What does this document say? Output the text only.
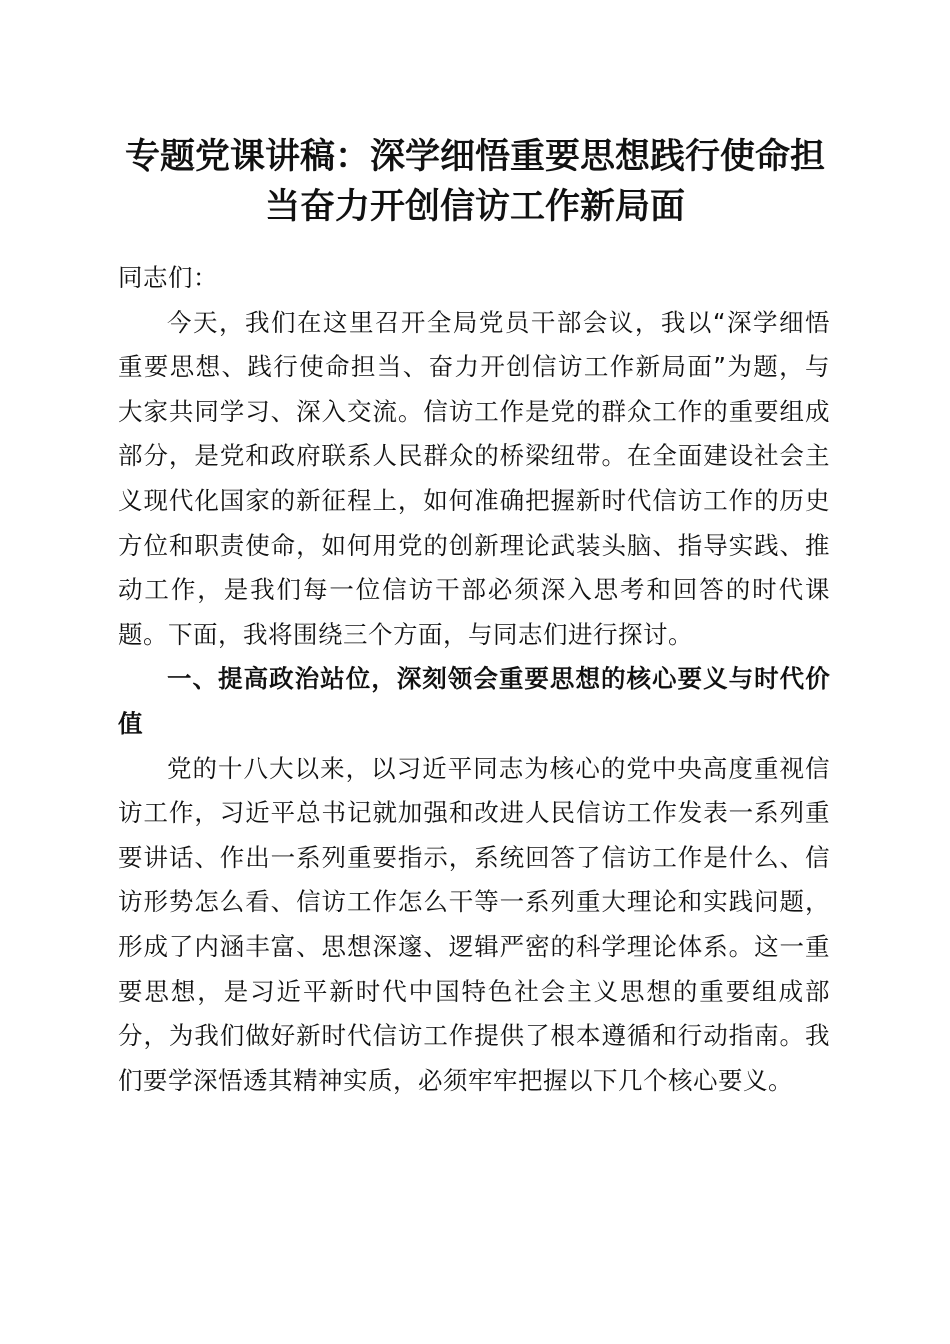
专题党课讲稿：深学细悟重要思想践行使命担
当奋力开创信访工作新局面

同志们：

今天，我们在这里召开全局党员干部会议，我以“深学细悟重要思想、践行使命担当、奋力开创信访工作新局面”为题，与大家共同学习、深入交流。信访工作是党的群众工作的重要组成部分，是党和政府联系人民群众的桥梁纽带。在全面建设社会主义现代化国家的新征程上，如何准确把握新时代信访工作的历史方位和职责使命，如何用党的创新理论武装头脑、指导实践、推动工作，是我们每一位信访干部必须深入思考和回答的时代课题。下面，我将围绕三个方面，与同志们进行探讨。

一、提高政治站位，深刻领会重要思想的核心要义与时代价值

党的十八大以来，以习近平同志为核心的党中央高度重视信访工作，习近平总书记就加强和改进人民信访工作发表一系列重要讲话、作出一系列重要指示，系统回答了信访工作是什么、信访形势怎么看、信访工作怎么干等一系列重大理论和实践问题，形成了内涵丰富、思想深邃、逻辑严密的科学理论体系。这一重要思想，是习近平新时代中国特色社会主义思想的重要组成部分，为我们做好新时代信访工作提供了根本遵循和行动指南。我们要学深悟透其精神实质，必须牢牢把握以下几个核心要义。
